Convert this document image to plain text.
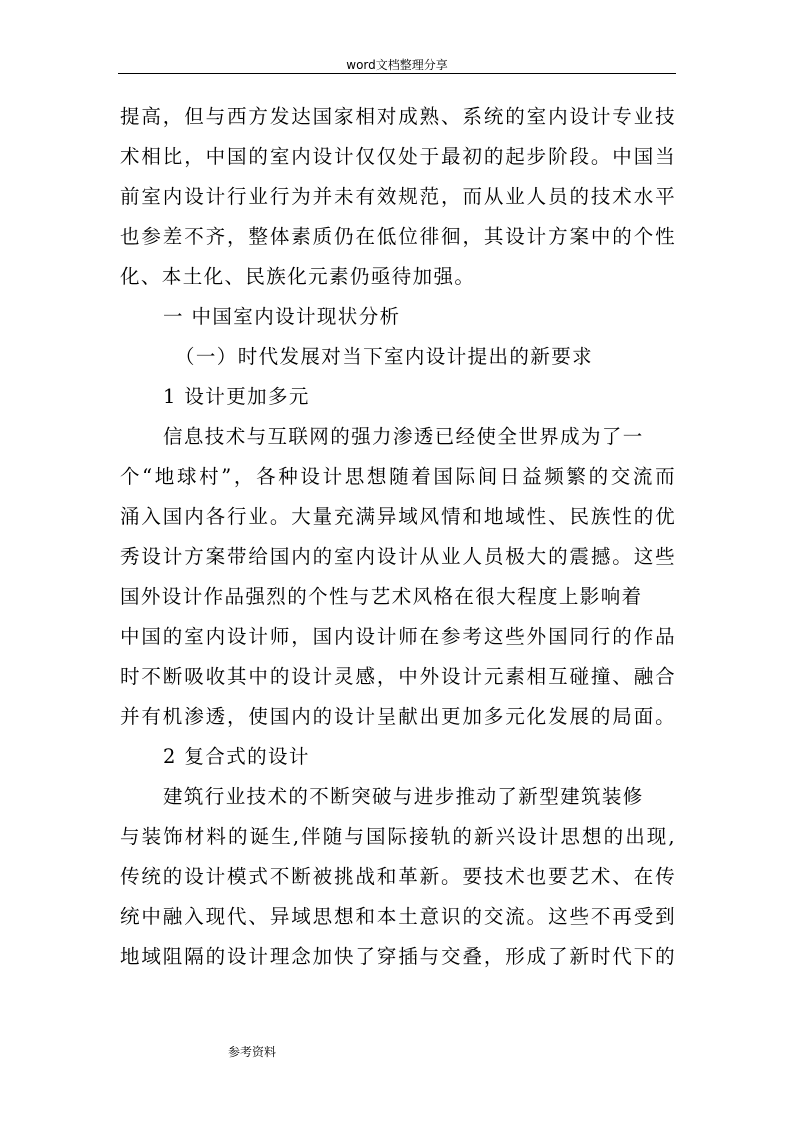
word文档整理分享
提高，但与西方发达国家相对成熟、系统的室内设计专业技
术相比，中国的室内设计仅仅处于最初的起步阶段。中国当
前室内设计行业行为并未有效规范，而从业人员的技术水平
也参差不齐，整体素质仍在低位徘徊，其设计方案中的个性
化、本土化、民族化元素仍亟待加强。
一 中国室内设计现状分析
（一）时代发展对当下室内设计提出的新要求
1 设计更加多元
信息技术与互联网的强力渗透已经使全世界成为了一
个“地球村”，各种设计思想随着国际间日益频繁的交流而
涌入国内各行业。大量充满异域风情和地域性、民族性的优
秀设计方案带给国内的室内设计从业人员极大的震撼。这些
国外设计作品强烈的个性与艺术风格在很大程度上影响着
中国的室内设计师，国内设计师在参考这些外国同行的作品
时不断吸收其中的设计灵感，中外设计元素相互碰撞、融合
并有机渗透，使国内的设计呈献出更加多元化发展的局面。
2 复合式的设计
建筑行业技术的不断突破与进步推动了新型建筑装修
与装饰材料的诞生,伴随与国际接轨的新兴设计思想的出现,
传统的设计模式不断被挑战和革新。要技术也要艺术、在传
统中融入现代、异域思想和本土意识的交流。这些不再受到
地域阻隔的设计理念加快了穿插与交叠，形成了新时代下的
参考资料
